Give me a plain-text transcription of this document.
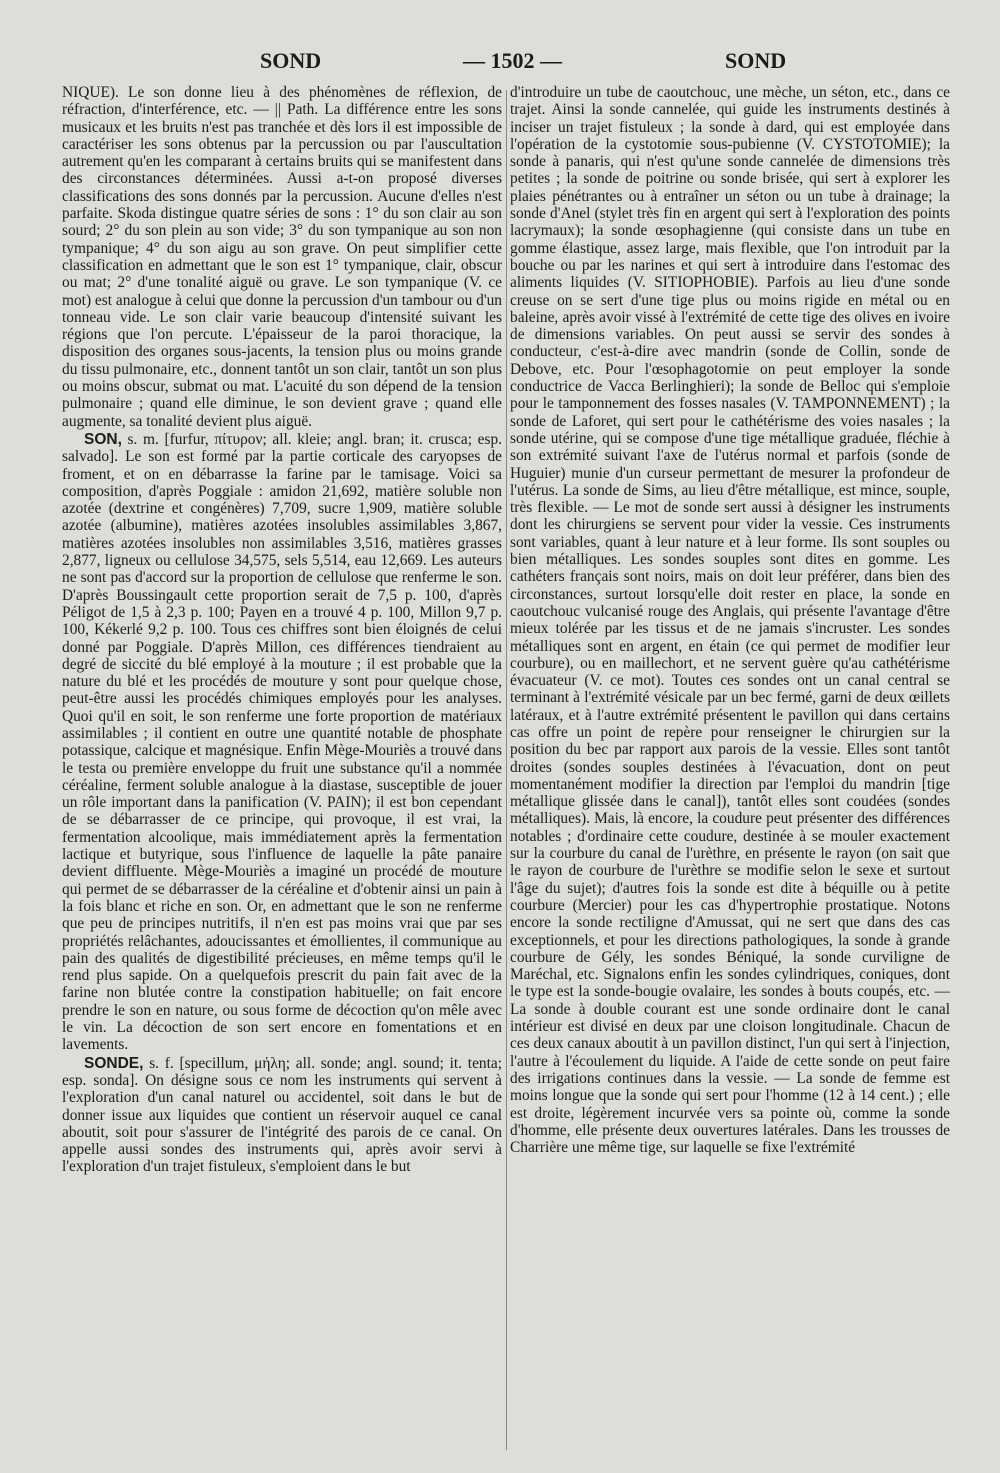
SOND	— 1502 —	SOND

NIQUE). Le son donne lieu à des phénomènes de réflexion, de réfraction, d'interférence, etc. — || Path. La différence entre les sons musicaux et les bruits n'est pas tranchée et dès lors il est impossible de caractériser les sons obtenus par la percussion ou par l'auscultation autrement qu'en les comparant à certains bruits qui se manifestent dans des circonstances déterminées. Aussi a-t-on proposé diverses classifications des sons donnés par la percussion. Aucune d'elles n'est parfaite. Skoda distingue quatre séries de sons : 1° du son clair au son sourd; 2° du son plein au son vide; 3° du son tympanique au son non tympanique; 4° du son aigu au son grave. On peut simplifier cette classification en admettant que le son est 1° tympanique, clair, obscur ou mat; 2° d'une tonalité aiguë ou grave. Le son tympanique (V. ce mot) est analogue à celui que donne la percussion d'un tambour ou d'un tonneau vide. Le son clair varie beaucoup d'intensité suivant les régions que l'on percute. L'épaisseur de la paroi thoracique, la disposition des organes sous-jacents, la tension plus ou moins grande du tissu pulmonaire, etc., donnent tantôt un son clair, tantôt un son plus ou moins obscur, submat ou mat. L'acuité du son dépend de la tension pulmonaire ; quand elle diminue, le son devient grave ; quand elle augmente, sa tonalité devient plus aiguë.

SON, s. m. [furfur, πίτυρον; all. kleie; angl. bran; it. crusca; esp. salvado]. Le son est formé par la partie corticale des caryopses de froment, et on en débarrasse la farine par le tamisage. Voici sa composition, d'après Poggiale : amidon 21,692, matière soluble non azotée (dextrine et congénères) 7,709, sucre 1,909, matière soluble azotée (albumine), matières azotées insolubles assimilables 3,867, matières azotées insolubles non assimilables 3,516, matières grasses 2,877, ligneux ou cellulose 34,575, sels 5,514, eau 12,669. Les auteurs ne sont pas d'accord sur la proportion de cellulose que renferme le son. D'après Boussingault cette proportion serait de 7,5 p. 100, d'après Péligot de 1,5 à 2,3 p. 100; Payen en a trouvé 4 p. 100, Millon 9,7 p. 100, Kékerlé 9,2 p. 100. Tous ces chiffres sont bien éloignés de celui donné par Poggiale. D'après Millon, ces différences tiendraient au degré de siccité du blé employé à la mouture ; il est probable que la nature du blé et les procédés de mouture y sont pour quelque chose, peut-être aussi les procédés chimiques employés pour les analyses. Quoi qu'il en soit, le son renferme une forte proportion de matériaux assimilables ; il contient en outre une quantité notable de phosphate potassique, calcique et magnésique. Enfin Mège-Mouriès a trouvé dans le testa ou première enveloppe du fruit une substance qu'il a nommée céréaline, ferment soluble analogue à la diastase, susceptible de jouer un rôle important dans la panification (V. PAIN); il est bon cependant de se débarrasser de ce principe, qui provoque, il est vrai, la fermentation alcoolique, mais immédiatement après la fermentation lactique et butyrique, sous l'influence de laquelle la pâte panaire devient diffluente. Mège-Mouriès a imaginé un procédé de mouture qui permet de se débarrasser de la céréaline et d'obtenir ainsi un pain à la fois blanc et riche en son. Or, en admettant que le son ne renferme que peu de principes nutritifs, il n'en est pas moins vrai que par ses propriétés relâchantes, adoucissantes et émollientes, il communique au pain des qualités de digestibilité précieuses, en même temps qu'il le rend plus sapide. On a quelquefois prescrit du pain fait avec de la farine non blutée contre la constipation habituelle; on fait encore prendre le son en nature, ou sous forme de décoction qu'on mêle avec le vin. La décoction de son sert encore en fomentations et en lavements.

SONDE, s. f. [specillum, μήλη; all. sonde; angl. sound; it. tenta; esp. sonda]. On désigne sous ce nom les instruments qui servent à l'exploration d'un canal naturel ou accidentel, soit dans le but de donner issue aux liquides que contient un réservoir auquel ce canal aboutit, soit pour s'assurer de l'intégrité des parois de ce canal. On appelle aussi sondes des instruments qui, après avoir servi à l'exploration d'un trajet fistuleux, s'emploient dans le but

d'introduire un tube de caoutchouc, une mèche, un séton, etc., dans ce trajet. Ainsi la sonde cannelée, qui guide les instruments destinés à inciser un trajet fistuleux ; la sonde à dard, qui est employée dans l'opération de la cystotomie sous-pubienne (V. CYSTOTOMIE); la sonde à panaris, qui n'est qu'une sonde cannelée de dimensions très petites ; la sonde de poitrine ou sonde brisée, qui sert à explorer les plaies pénétrantes ou à entraîner un séton ou un tube à drainage; la sonde d'Anel (stylet très fin en argent qui sert à l'exploration des points lacrymaux); la sonde œsophagienne (qui consiste dans un tube en gomme élastique, assez large, mais flexible, que l'on introduit par la bouche ou par les narines et qui sert à introduire dans l'estomac des aliments liquides (V. SITIOPHOBIE). Parfois au lieu d'une sonde creuse on se sert d'une tige plus ou moins rigide en métal ou en baleine, après avoir vissé à l'extrémité de cette tige des olives en ivoire de dimensions variables. On peut aussi se servir des sondes à conducteur, c'est-à-dire avec mandrin (sonde de Collin, sonde de Debove, etc. Pour l'œsophagotomie on peut employer la sonde conductrice de Vacca Berlinghieri); la sonde de Belloc qui s'emploie pour le tamponnement des fosses nasales (V. TAMPONNEMENT) ; la sonde de Laforet, qui sert pour le cathétérisme des voies nasales ; la sonde utérine, qui se compose d'une tige métallique graduée, fléchie à son extrémité suivant l'axe de l'utérus normal et parfois (sonde de Huguier) munie d'un curseur permettant de mesurer la profondeur de l'utérus. La sonde de Sims, au lieu d'être métallique, est mince, souple, très flexible. — Le mot de sonde sert aussi à désigner les instruments dont les chirurgiens se servent pour vider la vessie. Ces instruments sont variables, quant à leur nature et à leur forme. Ils sont souples ou bien métalliques. Les sondes souples sont dites en gomme. Les cathéters français sont noirs, mais on doit leur préférer, dans bien des circonstances, surtout lorsqu'elle doit rester en place, la sonde en caoutchouc vulcanisé rouge des Anglais, qui présente l'avantage d'être mieux tolérée par les tissus et de ne jamais s'incruster. Les sondes métalliques sont en argent, en étain (ce qui permet de modifier leur courbure), ou en maillechort, et ne servent guère qu'au cathétérisme évacuateur (V. ce mot). Toutes ces sondes ont un canal central se terminant à l'extrémité vésicale par un bec fermé, garni de deux œillets latéraux, et à l'autre extrémité présentent le pavillon qui dans certains cas offre un point de repère pour renseigner le chirurgien sur la position du bec par rapport aux parois de la vessie. Elles sont tantôt droites (sondes souples destinées à l'évacuation, dont on peut momentanément modifier la direction par l'emploi du mandrin [tige métallique glissée dans le canal]), tantôt elles sont coudées (sondes métalliques). Mais, là encore, la coudure peut présenter des différences notables ; d'ordinaire cette coudure, destinée à se mouler exactement sur la courbure du canal de l'urèthre, en présente le rayon (on sait que le rayon de courbure de l'urèthre se modifie selon le sexe et surtout l'âge du sujet); d'autres fois la sonde est dite à béquille ou à petite courbure (Mercier) pour les cas d'hypertrophie prostatique. Notons encore la sonde rectiligne d'Amussat, qui ne sert que dans des cas exceptionnels, et pour les directions pathologiques, la sonde à grande courbure de Gély, les sondes Béniqué, la sonde curviligne de Maréchal, etc. Signalons enfin les sondes cylindriques, coniques, dont le type est la sonde-bougie ovalaire, les sondes à bouts coupés, etc. — La sonde à double courant est une sonde ordinaire dont le canal intérieur est divisé en deux par une cloison longitudinale. Chacun de ces deux canaux aboutit à un pavillon distinct, l'un qui sert à l'injection, l'autre à l'écoulement du liquide. A l'aide de cette sonde on peut faire des irrigations continues dans la vessie. — La sonde de femme est moins longue que la sonde qui sert pour l'homme (12 à 14 cent.) ; elle est droite, légèrement incurvée vers sa pointe où, comme la sonde d'homme, elle présente deux ouvertures latérales. Dans les trousses de Charrière une même tige, sur laquelle se fixe l'extrémité
